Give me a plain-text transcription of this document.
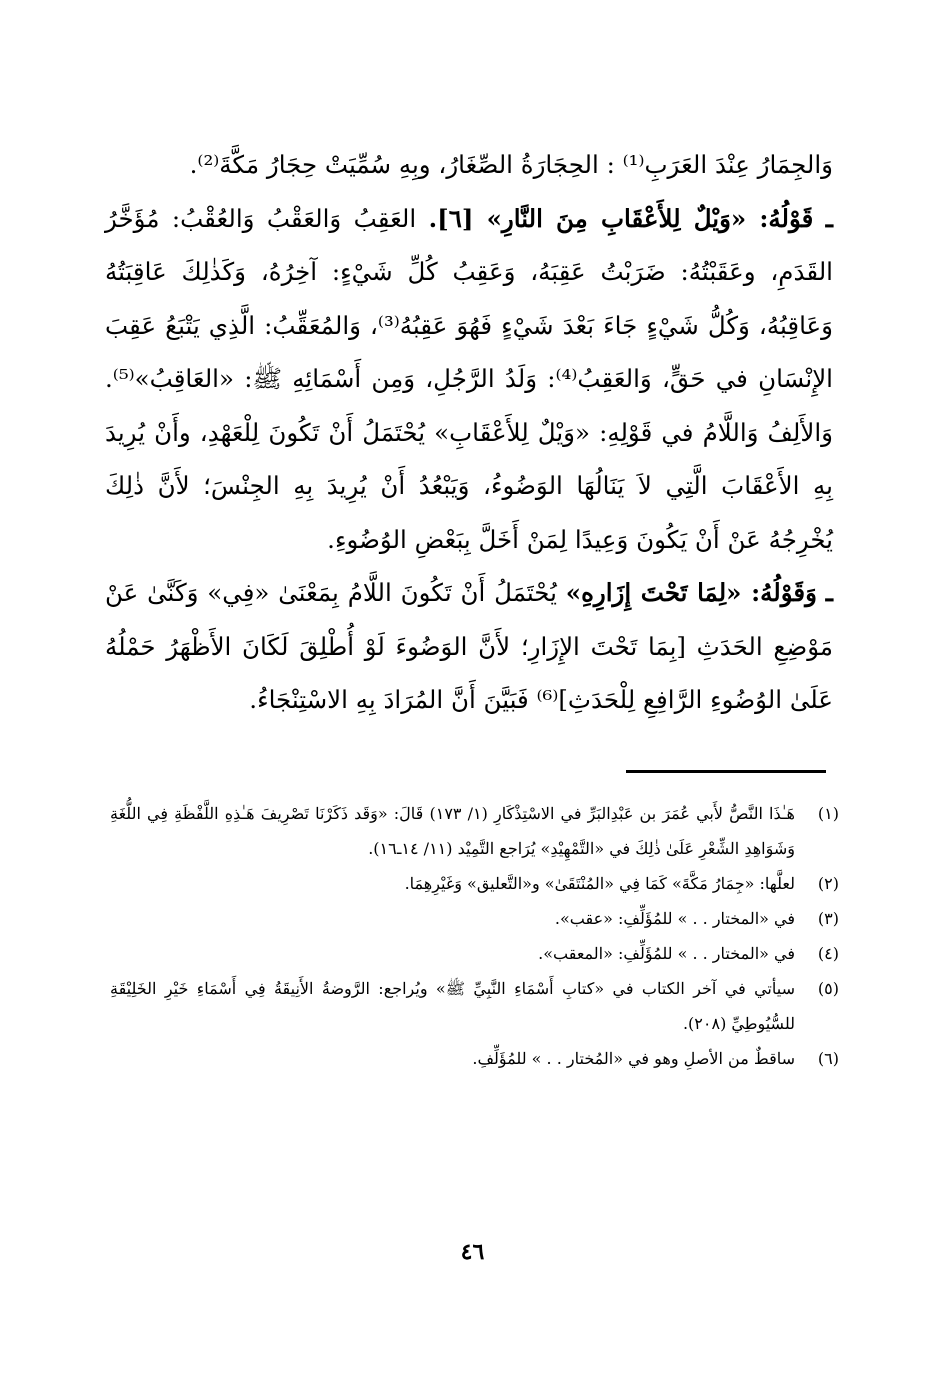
وَالجِمَارُ عِنْدَ العَرَبِ⁽¹⁾ : الحِجَارَةُ الصِّغَارُ، وبِهِ سُمِّيَتْ حِجَارُ مَكَّةَ⁽²⁾.

ـ قَوْلُهُ: «وَيْلٌ لِلأَعْقَابِ مِنَ النَّارِ» [٦]. العَقِبُ وَالعَقْبُ وَالعُقْبُ: مُؤَخَّرُ القَدَمِ، وعَقَبْتُهُ: ضَرَبْتُ عَقِبَهُ، وَعَقِبُ كُلِّ شَيْءٍ: آخِرُهُ، وَكَذٰلِكَ عَاقِبَتُهُ وَعَاقِبُهُ، وَكُلُّ شَيْءٍ جَاءَ بَعْدَ شَيْءٍ فَهُوَ عَقِبُهُ⁽³⁾، وَالمُعَقِّبُ: الَّذِي يَتْبَعُ عَقِبَ الإِنْسَانِ في حَقٍّ، وَالعَقِبُ⁽⁴⁾: وَلَدُ الرَّجُلِ، وَمِن أَسْمَائِهِ ﷺ: «العَاقِبُ»⁽⁵⁾. وَالأَلِفُ وَاللَّامُ في قَوْلِهِ: «وَيْلٌ لِلأَعْقَابِ» يُحْتَمَلُ أَنْ تَكُونَ لِلْعَهْدِ، وأَنْ يُرِيدَ بِهِ الأَعْقَابَ الَّتِي لاَ يَنَالُهَا الوَضُوءُ، وَيَبْعُدُ أَنْ يُرِيدَ بِهِ الجِنْسَ؛ لأَنَّ ذٰلِكَ يُخْرِجُهُ عَنْ أَنْ يَكُونَ وَعِيدًا لِمَنْ أَخَلَّ بِبَعْضِ الوُضُوءِ.

ـ وَقَوْلُهُ: «لِمَا تَحْتَ إِزَارِهِ» يُحْتَمَلُ أَنْ تَكُونَ اللَّامُ بِمَعْنَىٰ «فِي» وَكَنَّىٰ عَنْ مَوْضِعِ الحَدَثِ [بِمَا تَحْتَ الإِزَارِ؛ لأَنَّ الوَضُوءَ لَوْ أُطْلِقَ لَكَانَ الأَظْهَرُ حَمْلُهُ عَلَىٰ الوُضُوءِ الرَّافِعِ لِلْحَدَثِ]⁽⁶⁾ فَبَيَّنَ أَنَّ المُرَادَ بِهِ الاسْتِنْجَاءُ.

(١)
هَـٰذَا النَّصُّ لأَبي عُمَرَ بن عَبْدِالبَرِّ في الاسْتِذْكَارِ (١/ ١٧٣) قَالَ: «وَقَد ذَكَرْنَا تَصْرِيفَ هَـٰذِهِ اللَّفْظَةِ فِي اللُّغَةِ وَشَوَاهِدِ الشِّعْرِ عَلَىٰ ذٰلِكَ في «التَّمْهِيْدِ» يُرَاجع التَّمِيْد (١١/ ١٤ـ١٦).
(٢)
لعلَّها: «جِمَارُ مَكَّةَ» كَمَا فِي «المُنْتَقَىٰ» و«التَّعليق» وَغَيْرِهِمَا.
(٣)
في «المختار . . » للمُؤَلِّفِ: «عقب».
(٤)
في «المختار . . » للمُؤَلِّفِ: «المعقب».
(٥)
سيأتي في آخر الكتاب في «كتابِ أَسْمَاءِ النَّبِيِّ ﷺ» ويُراجع: الرَّوضةُ الأَنِيقَةُ فِي أَسْمَاءِ خَيْرِ الخَلِيْقَةِ للسُّيُوطِيِّ (٢٠٨).
(٦)
ساقطٌ من الأصلِ وهو في «المُختار . . » للمُؤَلِّفِ.
٤٦
